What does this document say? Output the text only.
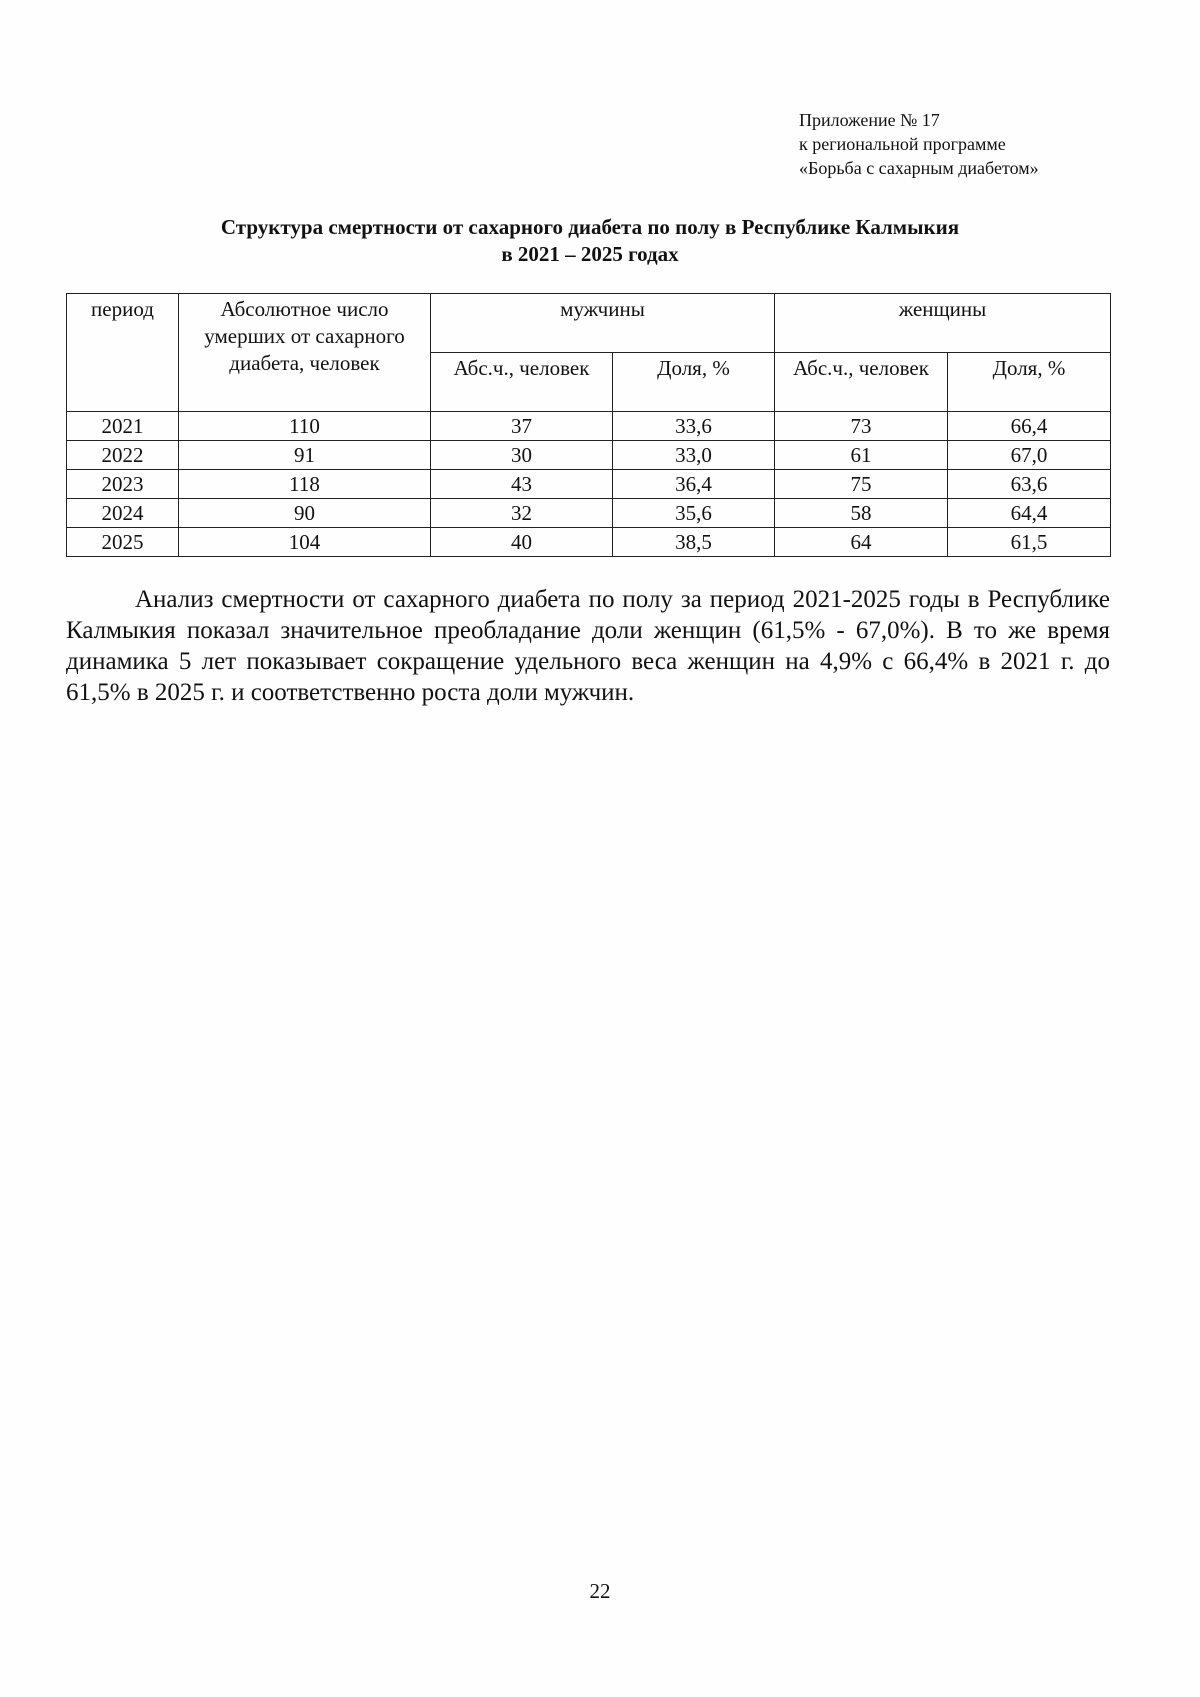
Приложение № 17
к региональной программе
«Борьба с сахарным диабетом»
Структура смертности от сахарного диабета по полу в Республике Калмыкия
в 2021 – 2025 годах
период	Абсолютное число умерших от сахарного диабета, человек	мужчины		женщины	
		Абс.ч., человек	Доля, %	Абс.ч., человек	Доля, %
2021	110	37	33,6	73	66,4
2022	91	30	33,0	61	67,0
2023	118	43	36,4	75	63,6
2024	90	32	35,6	58	64,4
2025	104	40	38,5	64	61,5
Анализ смертности от сахарного диабета по полу за период 2021-2025 годы в Республике Калмыкия показал значительное преобладание доли женщин (61,5% - 67,0%). В то же время динамика 5 лет показывает сокращение удельного веса женщин на 4,9% с 66,4% в 2021 г. до 61,5% в 2025 г. и соответственно роста доли мужчин.
22
